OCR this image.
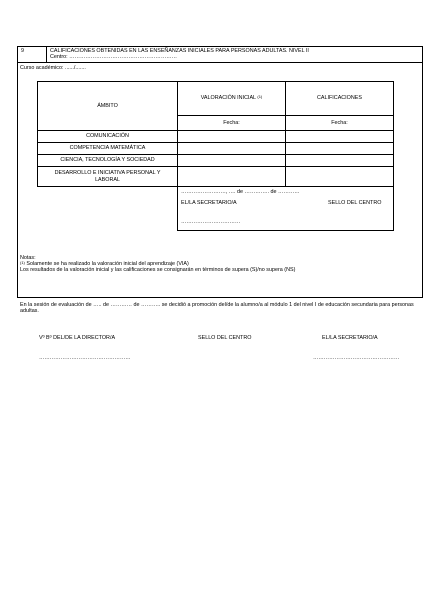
9	CALIFICACIONES OBTENIDAS EN LAS ENSEÑANZAS INICIALES PARA PERSONAS ADULTAS. NIVEL II
Centro: ……………………………………………………
Curso académico: ....../.......
ÁMBITO	VALORACIÓN INICIAL $^{(1)}$	CALIFICACIONES
	Fecha:	Fecha:
COMUNICACIÓN		
COMPETENCIA MATEMÁTICA		
CIENCIA, TECNOLOGÍA Y SOCIEDAD		
DESARROLLO E INICIATIVA PERSONAL Y LABORAL		

	……………………., …. de ………….. de …………
EL/LA SECRETARIO/A SELLO DEL CENTRO
……………………………	
Notas:
$^{(1)}$ Solamente se ha realizado la valoración inicial del aprendizaje (VIA)
Los resultados de la valoración inicial y las calificaciones se consignarán en términos de supera (S)/no supera (NS)
En la sesión de evaluación de ….. de ………… de ……….. se decidió a promoción del/de la alumno/a al módulo 1 del nivel I de educación secundaria para personas adultas.
Vº Bº DEL/DE LA DIRECTOR/A	SELLO DEL CENTRO	EL/LA SECRETARIO/A
……………………………………………	…………………………………………
